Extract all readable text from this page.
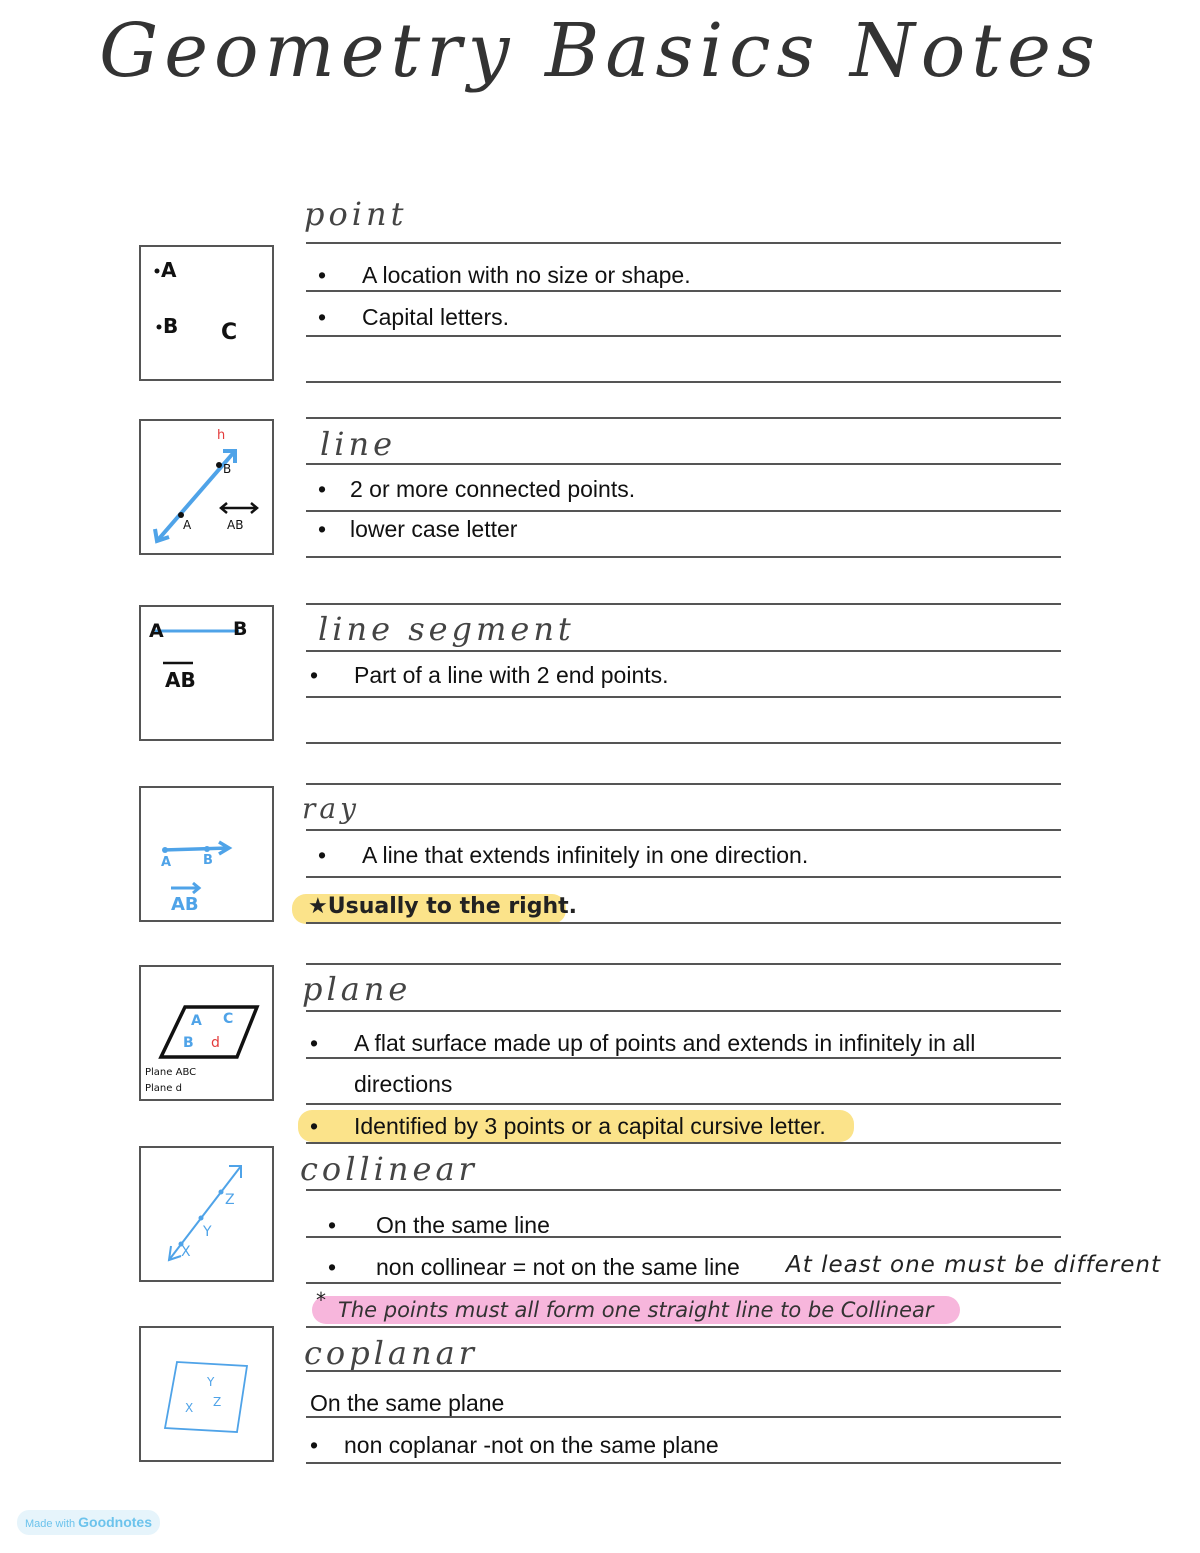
Geometry Basics Notes
A
B C
point
• A location with no size or shape.
• Capital letters.
h
B
A	AB
line
• 2 or more connected points.
• lower case letter
A	B
AB
line segment
• Part of a line with 2 end points.
A B
AB
ray
• A line that extends infinitely in one direction.
★Usually to the right.
A C
B d
Plane ABC
Plane d
plane
• A flat surface made up of points and extends in infinitely in all
directions
• Identified by 3 points or a capital cursive letter.
Z
Y
X
collinear
• On the same line
• non collinear = not on the same line At least one must be different
* The points must all form one straight line to be Collinear
Y
X Z
coplanar
On the same plane
• non coplanar -not on the same plane
Made with Goodnotes
